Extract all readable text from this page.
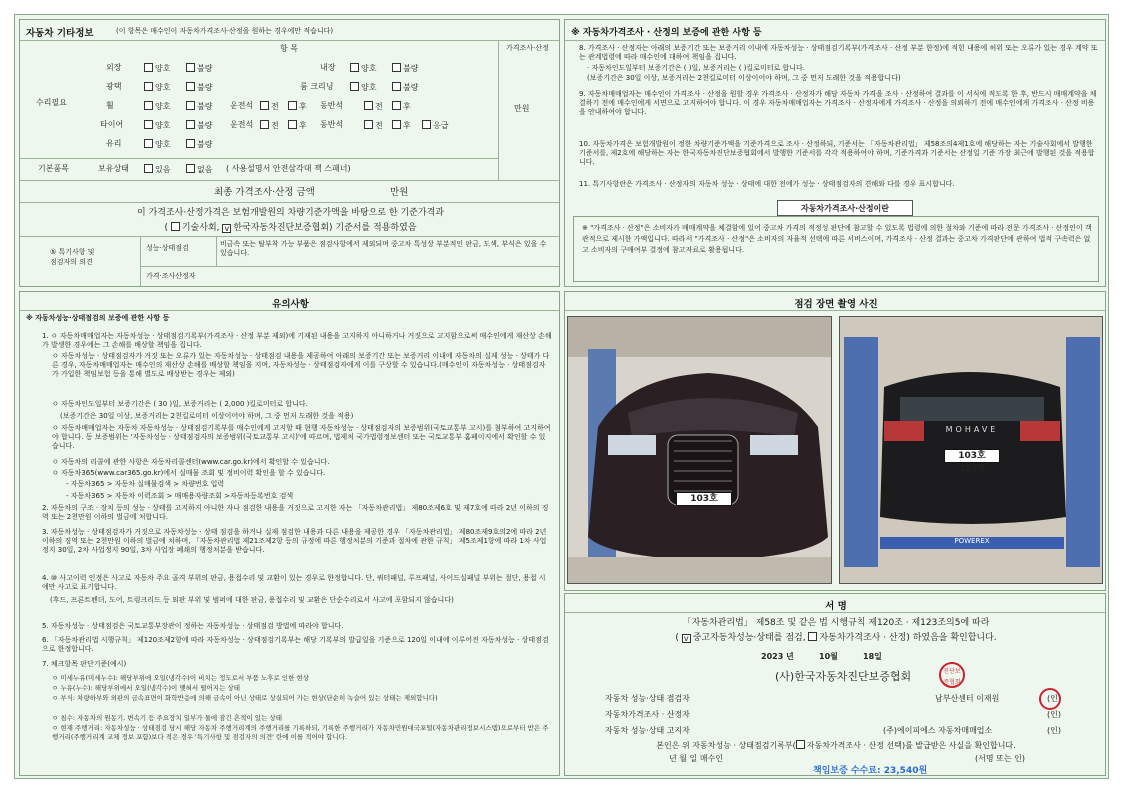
자동차 기타정보	(이 항목은 매수인이 자동차가격조사·산정을 원하는 경우에만 적습니다)
항 목	가격조사·산정
수리필요
만원
외장	양호	불량	내장	양호	불량
광택	양호	불량	룸 크리닝	양호	불량
휠	양호	불량 운전석	전	후 동반석	전	후
타이어	양호	불량 운전석	전	후 동반석	전	후	응급
유리	양호	불량
기본품목	보유상태	있음	없음 ( 사용설명서 안전삼각대 잭 스패너)
최종 가격조사·산정 금액	만원
이 가격조사·산정가격은 보험개발원의 차량기준가액을 바탕으로 한 기준가격과
( 기술사회, v 한국자동차진단보증협회) 기준서를 적용하였음
⑤ 특기사항 및
점검자의 의견
성능·상태점검	비금속 또는 탈부착 가능 부품은 점검사항에서 제외되며 중고차 특성상 부분적인 판금, 도색, 부식은 있을 수 있습니다.
가격·조사산정자
※ 자동차가격조사 · 산정의 보증에 관한 사항 등
8. 가격조사 · 산정자는 아래의 보증기간 또는 보증거리 이내에 자동차성능 · 상태점검기록부(가격조사 · 산정 부분 한정)에 적힌 내용에 허위 또는 오류가 있는 경우 계약 또는 관계법령에 따라 매수인에 대하여 책임을 집니다.
· 자동차인도일부터 보증기간은 ( )일, 보증거리는 ( )킬로미터로 합니다.
(보증기간은 30일 이상, 보증거리는 2천킬로미터 이상이어야 하며, 그 중 먼저 도래한 것을 적용합니다)
9. 자동차매매업자는 매수인이 가격조사 · 산정을 원할 경우 가격조사 · 산정자가 해당 자동차 가격을 조사 · 산정하여 결과를 이 서식에 적도록 한 후, 반드시 매매계약을 체결하기 전에 매수인에게 서면으로 고지하여야 합니다. 이 경우 자동차매매업자는 가격조사 · 산정자에게 가격조사 · 산정을 의뢰하기 전에 매수인에게 가격조사 · 산정 비용을 안내하여야 합니다.
10. 자동차가격은 보험개발원이 정한 차량기준가액을 기준가격으로 조사 · 산정하되, 기준서는 「자동차관리법」 제58조의4제1호에 해당하는 자는 기술사회에서 발행한 기준서를, 제2호에 해당하는 자는 한국자동차진단보증협회에서 발행한 기준서를 각각 적용하여야 하며, 기준가격과 기준서는 산정일 기준 가장 최근에 발행된 것을 적용합니다.
11. 특기사항란은 가격조사 · 산정자의 자동차 성능 · 상태에 대한 전에가 성능 · 상태점검자의 견해와 다를 경우 표시합니다.
자동차가격조사·산정이란
※ "가격조사 · 산정"은 소비자가 매매계약을 체결함에 있어 중고차 가격의 적정성 판단에 참고할 수 있도록 법령에 의한 절차와 기준에 따라 전문 가격조사 · 산정인이 객관적으로 제시한 가액입니다. 따라서 "가격조사 · 산정"은 소비자의 자율적 선택에 따른 서비스이며, 가격조사 · 산정 결과는 중고차 가격판단에 관하여 법적 구속력은 없고 소비자의 구매여부 결정에 참고자료로 활용됩니다.
유의사항
※ 자동차성능·상태점검의 보증에 관한 사항 등
1. ㅇ 자동차매매업자는 자동차성능 · 상태점검기록부(가격조사 · 산정 부분 제외)에 기재된 내용을 고지하지 아니하거나 거짓으로 고지함으로써 매수인에게 재산상 손해가 발생한 경우에는 그 손해를 배상할 책임을 집니다.
ㅇ 자동차성능 · 상태점검자가 거짓 또는 오류가 있는 자동차성능 · 상태점검 내용을 제공하여 아래의 보증기간 또는 보증거리 이내에 자동차의 실제 성능 · 상태가 다른 경우, 자동차매매업자는 매수인의 재산상 손해를 배상할 책임을 지며, 자동차성능 · 상태점검자에게 이를 구상할 수 있습니다.(매수인이 자동차성능 · 상태점검자가 가입한 책임보험 등을 통해 별도로 배상받는 경우는 제외)
ㅇ 자동차인도일부터 보증기간은 ( 30 )일, 보증거리는 ( 2,000 )킬로미터로 합니다.
(보증기간은 30일 이상, 보증거리는 2천킬로미터 이상이어야 하며, 그 중 먼저 도래한 것을 적용)
ㅇ 자동차매매업자는 자동차 자동차성능 · 상태점검기록부를 매수인에게 고지할 때 현행 자동차성능 · 상태점검자의 보증범위(국토교통부 고시)를 첨부하여 고지하여야 합니다. 동 보증범위는 '자동차성능 · 상태점검자의 보증범위(국토교통부 고시)'에 따르며, 법제처 국가법령정보센터 또는 국토교통부 홈페이지에서 확인할 수 있습니다.
ㅇ 자동차의 리콜에 관한 사항은 자동차리콜센터(www.car.go.kr)에서 확인할 수 있습니다.
ㅇ 자동차365(www.car365.go.kr)에서 실매물 조회 및 정비이력 확인을 할 수 있습니다.
- 자동차365 > 자동차 실매물검색 > 차량번호 입력
- 자동차365 > 자동차 이력조회 > 매매용자량조회 >자동차등록번호 검색
2. 자동차의 구조 · 장치 등의 성능 · 상태를 고지하지 아니한 자나 점검한 내용을 거짓으로 고지한 자는 「자동차관리법」 제80조제6호 및 제7호에 따라 2년 이하의 징역 또는 2천만원 이하의 벌금에 처합니다.
3. 자동차성능 · 상태점검자가 거짓으로 자동차성능 · 상태 점검을 하거나 실제 점검한 내용과 다른 내용을 제공한 경우 「자동차관리법」 제80조제9호의2에 따라 2년 이하의 징역 또는 2천만원 이하의 벌금에 처하며, 「자동차관리법 제21조제2항 등의 규정에 따른 행정처분의 기준과 절차에 관한 규칙」 제5조제1항에 따라 1차 사업정지 30일, 2차 사업정지 90일, 3차 사업장 폐쇄의 행정처분을 받습니다.
4. ⑩ 사고이력 인정은 사고로 자동차 주요 골격 부위의 판금, 용접수리 및 교환이 있는 경우로 한정합니다. 단, 쿼터패널, 루프패널, 사이드실패널 부위는 절단, 용접 시에만 사고로 표기합니다.
(후드, 프론트펜더, 도어, 트렁크리드 등 외판 부위 및 범퍼에 대한 판금, 용접수리 및 교환은 단순수리로서 사고에 포함되지 않습니다)
5. 자동차성능 · 상태점검은 국토교통부장관이 정하는 자동차성능 · 상태점검 방법에 따라야 합니다.
6. 「자동차관리법 시행규칙」 제120조제2항에 따라 자동차성능 · 상태점검기록부는 해당 기록부의 발급일을 기준으로 120일 이내에 이루어진 자동차성능 · 상태점검으로 한정합니다.
7. 체크항목 판단기준(예시)
ㅇ 미세누유(미세누수): 해당부위에 오일(냉각수)이 비치는 정도로서 부품 노후로 인한 현상
ㅇ 누유(누수): 해당부위에서 오일(냉각수)이 맺혀서 떨어지는 상태
ㅇ 부식: 차량하부와 외판의 금속표면이 화학반응에 의해 금속이 아닌 상태로 상실되어 가는 현상(단순히 녹슬어 있는 상태는 제외합니다)
ㅇ 침수: 자동차의 원동기, 변속기 등 주요장치 일부가 물에 잠긴 흔적이 있는 상태
ㅇ 현재 주행거리: 자동차성능 · 상태점검 당시 해당 자동차 주행거리계의 주행거리를 기록하되, 기록한 주행거리가 자동차민원대국포털(자동차관리정보시스템)으로부터 받은 주행거리(주행거리계 교체 정보 포함)보다 적은 경우 '특기사항 및 점검자의 의견' 란에 이를 적어야 합니다.
점검 장면 촬영 사진
103호 2870
MOHAVE
103호 2870
POWEREX
서 명
「자동차관리법」 제58조 및 같은 법 시행규칙 제120조 · 제123조의5에 따라
( v중고자동차성능·상태를 점검, 자동차가격조사 · 산정) 하였음을 확인합니다.
2023 년	10월	18일
(사)한국자동차진단보증협회	진단보증협회
자동차 성능·상태 점검자	남부산센터 이재원	(인)
자동차가격조사 · 산정자	(인)
자동차 성능·상태 고지자	(주)에이피에스 자동차매매업소	(인)
본인은 위 자동차성능 · 상태점검기록부( 자동차가격조사 · 산정 선택)를 발급받은 사실을 확인합니다.
년 월 일 매수인	(서명 또는 인)
책임보증 수수료: 23,540원
